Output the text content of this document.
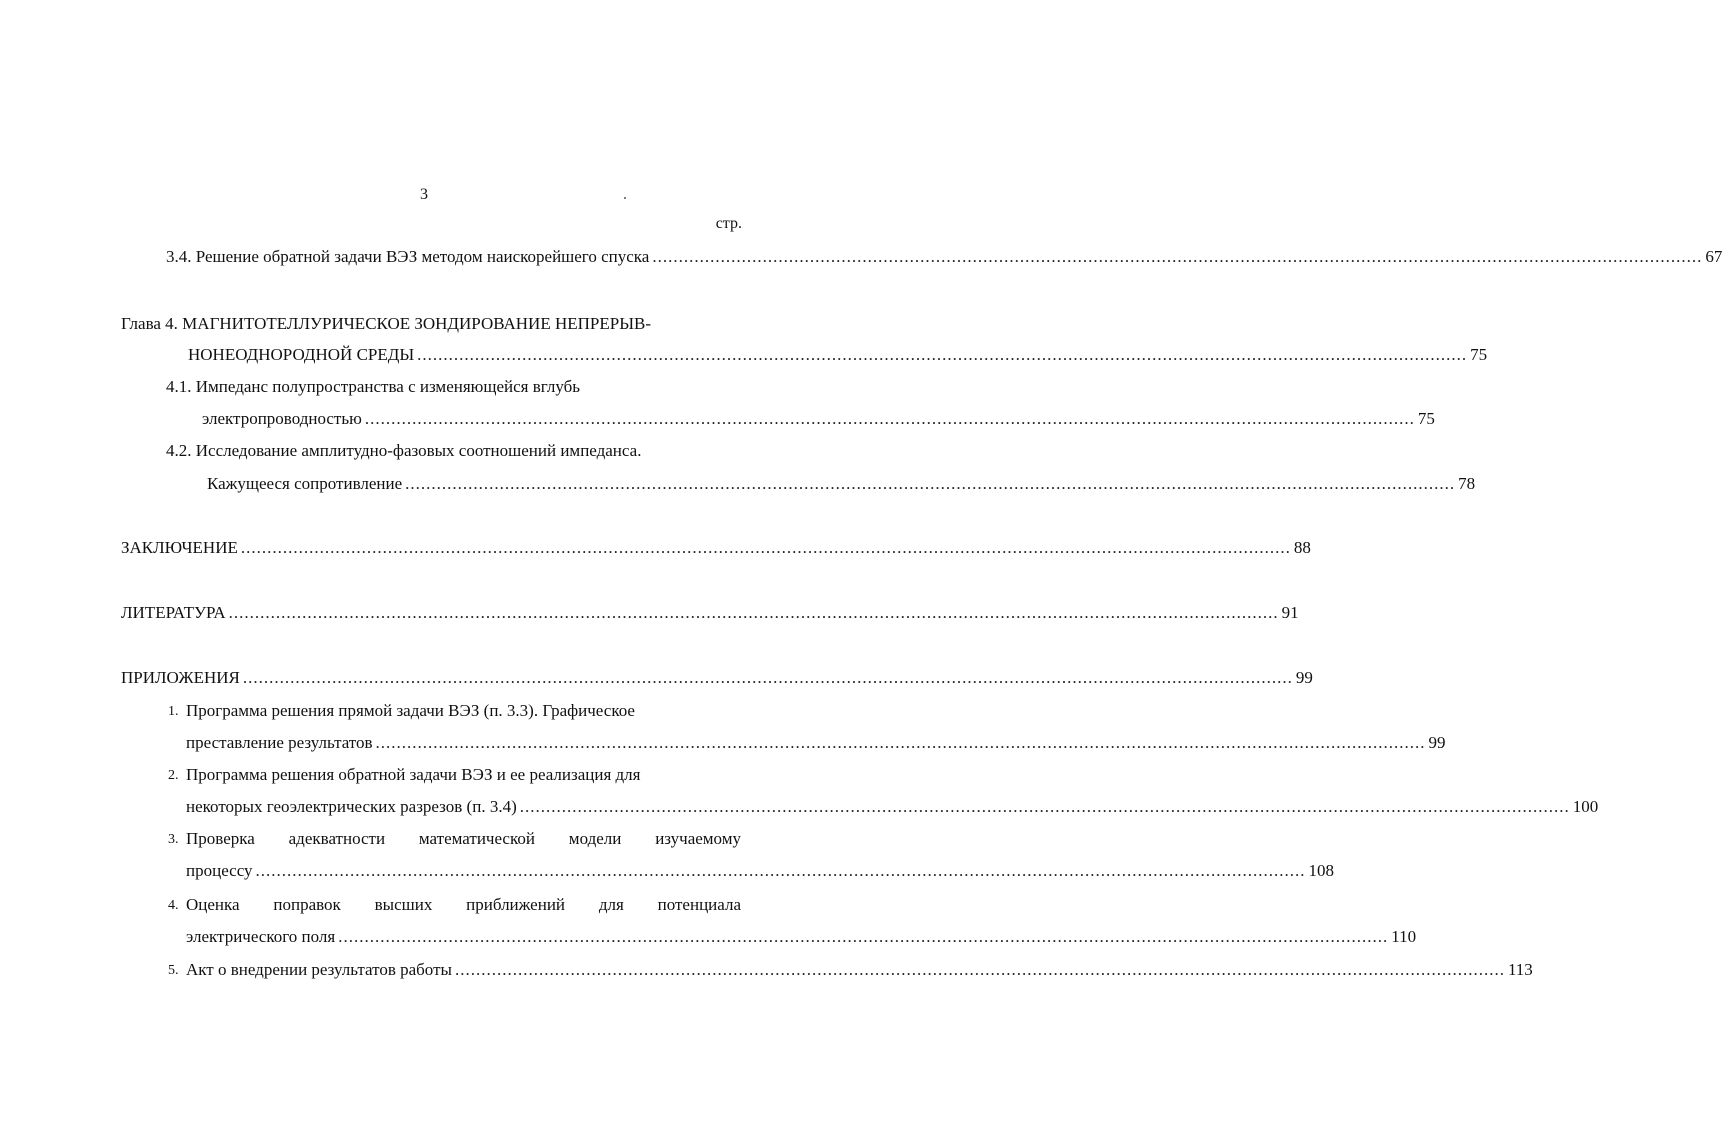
3
стр.
3.4. Решение обратной задачи ВЭЗ методом наискорейшего спуска ........................................................................................................................................................................................................ 67
Глава 4. МАГНИТОТЕЛЛУРИЧЕСКОЕ ЗОНДИРОВАНИЕ НЕПРЕРЫВ-
НОНЕОДНОРОДНОЙ СРЕДЫ ........................................................................................................................................................................................................ 75
4.1. Импеданс полупространства с изменяющейся вглубь
электропроводностью ........................................................................................................................................................................................................ 75
4.2. Исследование амплитудно-фазовых соотношений импеданса.
Кажущееся сопротивление ........................................................................................................................................................................................................ 78
ЗАКЛЮЧЕНИЕ ........................................................................................................................................................................................................ 88
ЛИТЕРАТУРА ........................................................................................................................................................................................................ 91
ПРИЛОЖЕНИЯ ........................................................................................................................................................................................................ 99
1. Программа решения прямой задачи ВЭЗ (п. 3.3). Графическое
преставление результатов ........................................................................................................................................................................................................ 99
2. Программа решения обратной задачи ВЭЗ и ее реализация для
некоторых геоэлектрических разрезов (п. 3.4) ........................................................................................................................................................................................................ 100
3. Проверка адекватности математической модели изучаемому
процессу ........................................................................................................................................................................................................ 108
4. Оценка поправок высших приближений для потенциала
электрического поля ........................................................................................................................................................................................................ 110
5. Акт о внедрении результатов работы ........................................................................................................................................................................................................ 113
